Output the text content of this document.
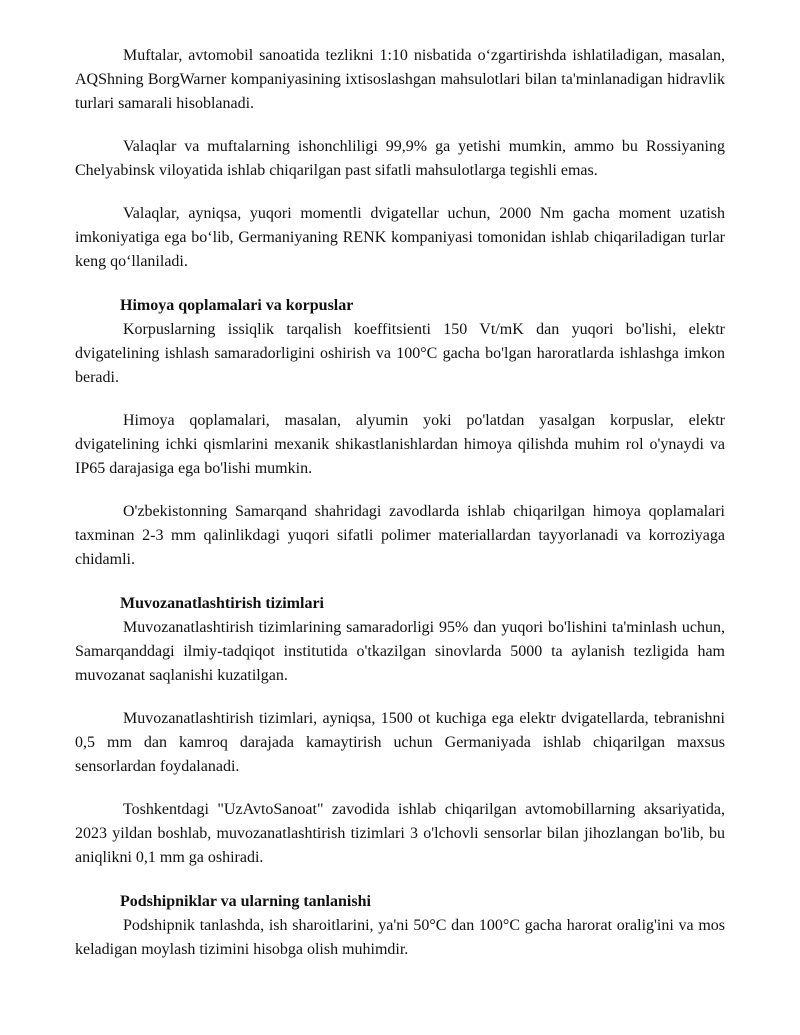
Muftalar, avtomobil sanoatida tezlikni 1:10 nisbatida o‘zgartirishda ishlatiladigan, masalan, AQShning BorgWarner kompaniyasining ixtisoslashgan mahsulotlari bilan ta'minlanadigan hidravlik turlari samarali hisoblanadi.

Valaqlar va muftalarning ishonchliligi 99,9% ga yetishi mumkin, ammo bu Rossiyaning Chelyabinsk viloyatida ishlab chiqarilgan past sifatli mahsulotlarga tegishli emas.

Valaqlar, ayniqsa, yuqori momentli dvigatellar uchun, 2000 Nm gacha moment uzatish imkoniyatiga ega bo‘lib, Germaniyaning RENK kompaniyasi tomonidan ishlab chiqariladigan turlar keng qo‘llaniladi.

Himoya qoplamalari va korpuslar

Korpuslarning issiqlik tarqalish koeffitsienti 150 Vt/mK dan yuqori bo'lishi, elektr dvigatelining ishlash samaradorligini oshirish va 100°C gacha bo'lgan haroratlarda ishlashga imkon beradi.

Himoya qoplamalari, masalan, alyumin yoki po'latdan yasalgan korpuslar, elektr dvigatelining ichki qismlarini mexanik shikastlanishlardan himoya qilishda muhim rol o'ynaydi va IP65 darajasiga ega bo'lishi mumkin.

O'zbekistonning Samarqand shahridagi zavodlarda ishlab chiqarilgan himoya qoplamalari taxminan 2-3 mm qalinlikdagi yuqori sifatli polimer materiallardan tayyorlanadi va korroziyaga chidamli.

Muvozanatlashtirish tizimlari

Muvozanatlashtirish tizimlarining samaradorligi 95% dan yuqori bo'lishini ta'minlash uchun, Samarqanddagi ilmiy-tadqiqot institutida o'tkazilgan sinovlarda 5000 ta aylanish tezligida ham muvozanat saqlanishi kuzatilgan.

Muvozanatlashtirish tizimlari, ayniqsa, 1500 ot kuchiga ega elektr dvigatellarda, tebranishni 0,5 mm dan kamroq darajada kamaytirish uchun Germaniyada ishlab chiqarilgan maxsus sensorlardan foydalanadi.

Toshkentdagi "UzAvtoSanoat" zavodida ishlab chiqarilgan avtomobillarning aksariyatida, 2023 yildan boshlab, muvozanatlashtirish tizimlari 3 o'lchovli sensorlar bilan jihozlangan bo'lib, bu aniqlikni 0,1 mm ga oshiradi.

Podshipniklar va ularning tanlanishi

Podshipnik tanlashda, ish sharoitlarini, ya'ni 50°C dan 100°C gacha harorat oralig'ini va mos keladigan moylash tizimini hisobga olish muhimdir.
